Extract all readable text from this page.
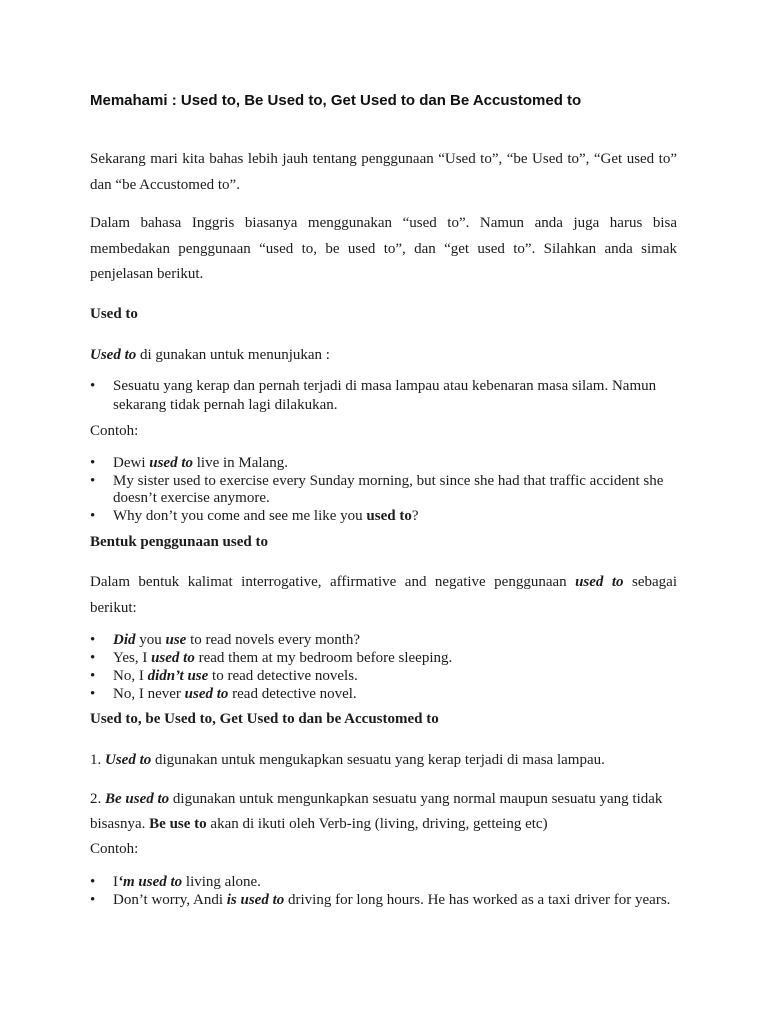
Memahami : Used to, Be Used to, Get Used to dan Be Accustomed to

Sekarang mari kita bahas lebih jauh tentang penggunaan “Used to”, “be Used to”, “Get used to” dan “be Accustomed to”.

Dalam bahasa Inggris biasanya menggunakan “used to”. Namun anda juga harus bisa membedakan penggunaan “used to, be used to”, dan “get used to”. Silahkan anda simak penjelasan berikut.

Used to
Used to di gunakan untuk menunjukan :
•
Sesuatu yang kerap dan pernah terjadi di masa lampau atau kebenaran masa silam. Namun sekarang tidak pernah lagi dilakukan.
Contoh:
•
Dewi used to live in Malang.
•
My sister used to exercise every Sunday morning, but since she had that traffic accident she doesn’t exercise anymore.
•
Why don’t you come and see me like you used to?
Bentuk penggunaan used to

Dalam bentuk kalimat interrogative, affirmative and negative penggunaan used to sebagai berikut:

•
Did you use to read novels every month?
•
Yes, I used to read them at my bedroom before sleeping.
•
No, I didn’t use to read detective novels.
•
No, I never used to read detective novel.
Used to, be Used to, Get Used to dan be Accustomed to
1. Used to digunakan untuk mengukapkan sesuatu yang kerap terjadi di masa lampau.
2. Be used to digunakan untuk mengunkapkan sesuatu yang normal maupun sesuatu yang tidak bisasnya. Be use to akan di ikuti oleh Verb-ing (living, driving, getteing etc)
Contoh:
•
I‘m used to living alone.
•
Don’t worry, Andi is used to driving for long hours. He has worked as a taxi driver for years.
